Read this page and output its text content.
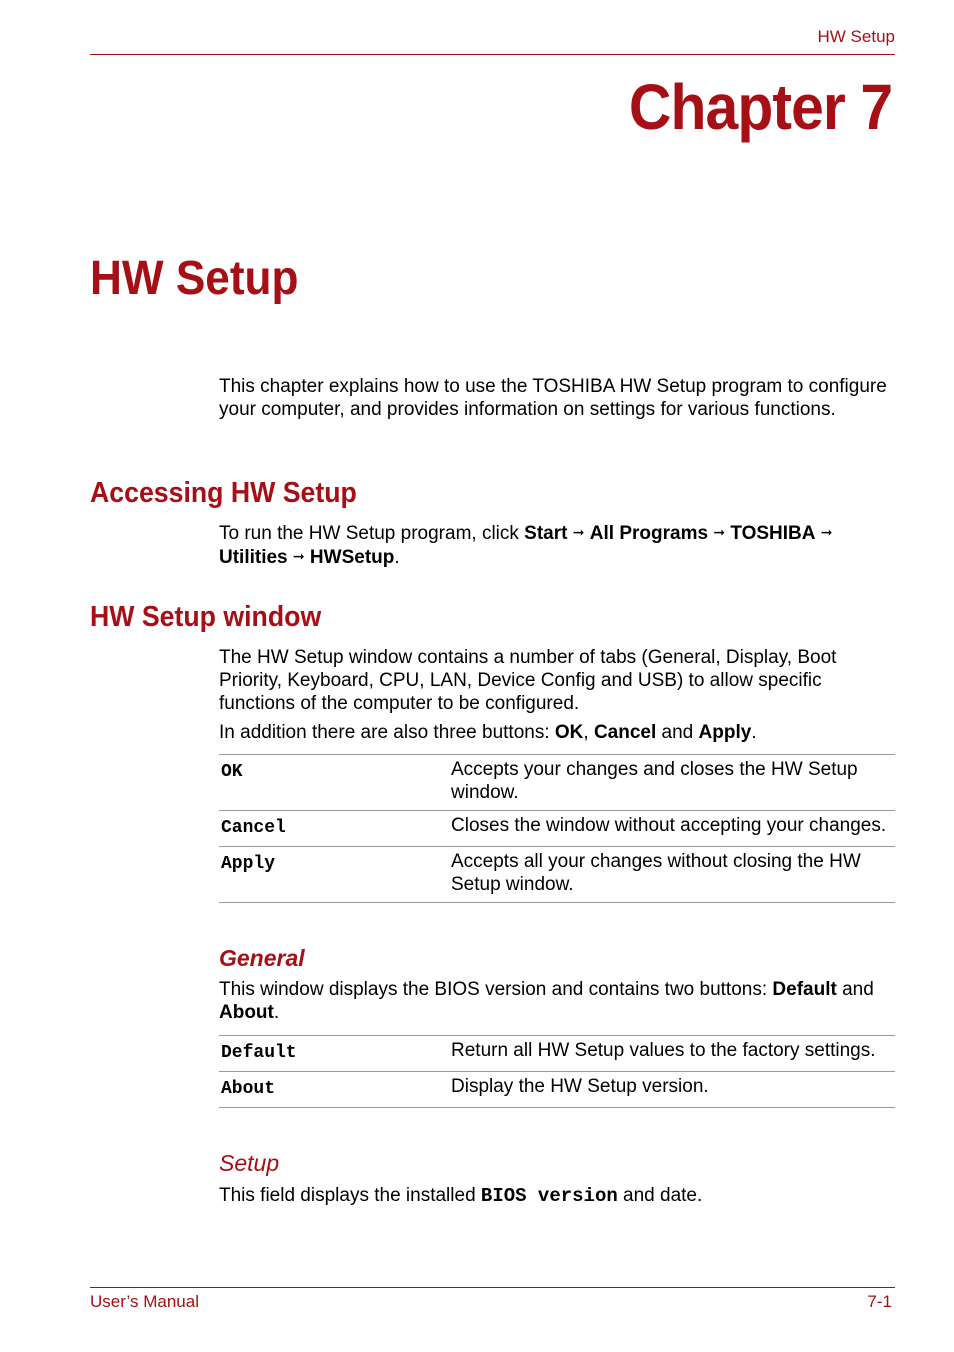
HW Setup
Chapter 7
HW Setup
This chapter explains how to use the TOSHIBA HW Setup program to configure your computer, and provides information on settings for various functions.
Accessing HW Setup
To run the HW Setup program, click Start ➞ All Programs ➞ TOSHIBA ➞ Utilities ➞ HWSetup.
HW Setup window
The HW Setup window contains a number of tabs (General, Display, Boot Priority, Keyboard, CPU, LAN, Device Config and USB) to allow specific functions of the computer to be configured.
In addition there are also three buttons: OK, Cancel and Apply.
OK	Accepts your changes and closes the HW Setup window.
Cancel	Closes the window without accepting your changes.
Apply	Accepts all your changes without closing the HW Setup window.
General
This window displays the BIOS version and contains two buttons: Default and About.
Default	Return all HW Setup values to the factory settings.
About	Display the HW Setup version.
Setup
This field displays the installed BIOS version and date.
User’s Manual	7-1
